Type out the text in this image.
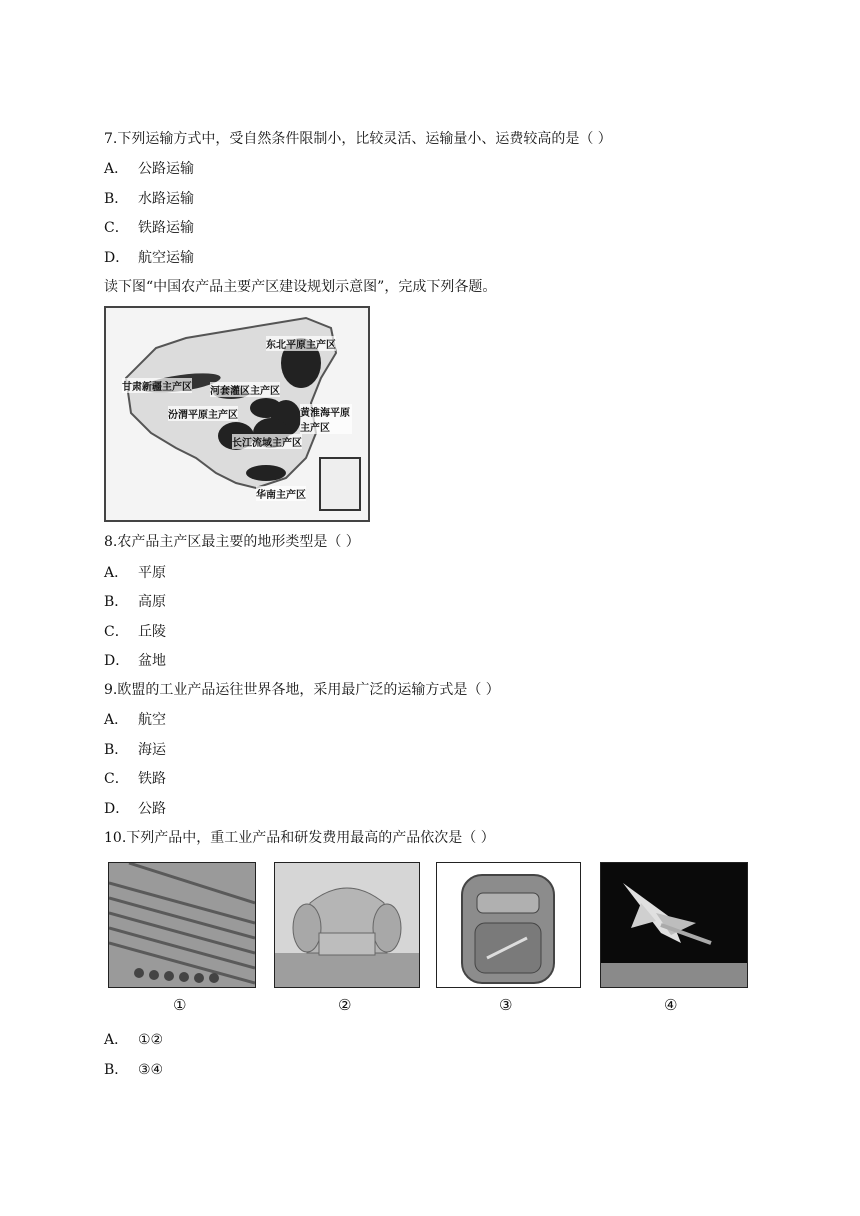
7.下列运输方式中，受自然条件限制小，比较灵活、运输量小、运费较高的是（ ）
A． 公路运输
B． 水路运输
C． 铁路运输
D． 航空运输
读下图“中国农产品主要产区建设规划示意图”，完成下列各题。
东北平原主产区
甘肃新疆主产区 河套灌区主产区
汾渭平原主产区	黄淮海平原主产区
长江流域主产区
华南主产区
8.农产品主产区最主要的地形类型是（ ）
A． 平原
B． 高原
C． 丘陵
D． 盆地
9.欧盟的工业产品运往世界各地，采用最广泛的运输方式是（ ）
A． 航空
B． 海运
C． 铁路
D． 公路
10.下列产品中，重工业产品和研发费用最高的产品依次是（ ）
①	②	③	④
A． ①②
B． ③④
